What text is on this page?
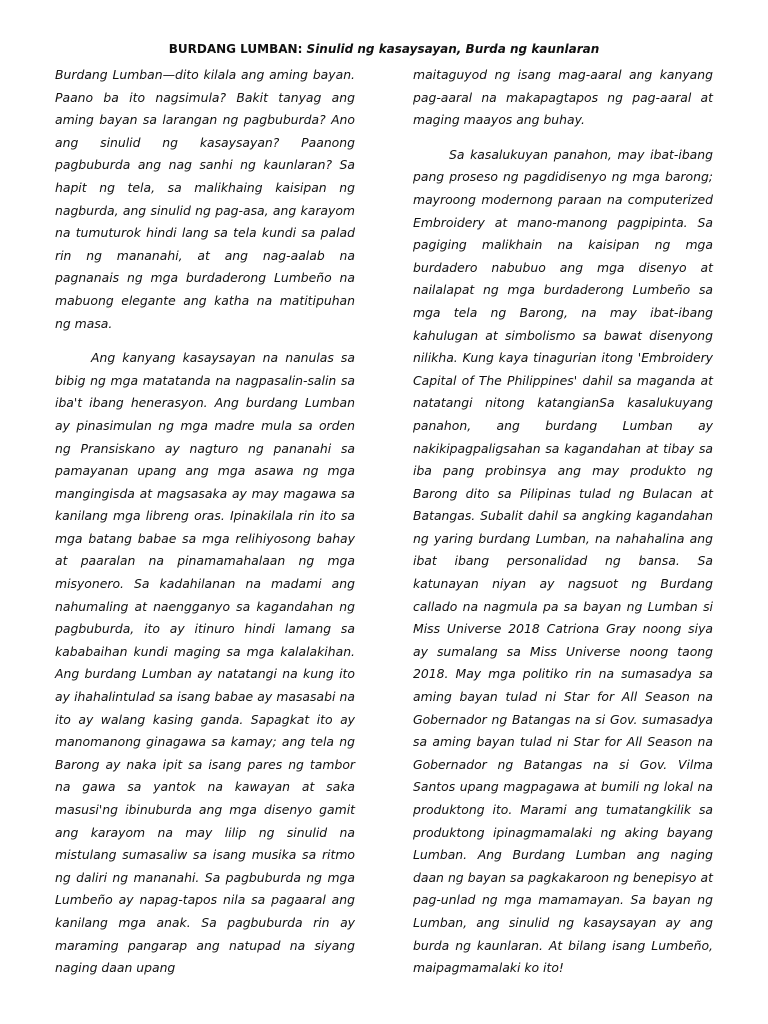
BURDANG LUMBAN: Sinulid ng kasaysayan, Burda ng kaunlaran

Burdang Lumban—dito kilala ang aming bayan. Paano ba ito nagsimula? Bakit tanyag ang aming bayan sa larangan ng pagbuburda? Ano ang sinulid ng kasaysayan? Paanong pagbuburda ang nag sanhi ng kaunlaran? Sa hapit ng tela, sa malikhaing kaisipan ng nagburda, ang sinulid ng pag-asa, ang karayom na tumuturok hindi lang sa tela kundi sa palad rin ng mananahi, at ang nag-aalab na pagnanais ng mga burdaderong Lumbeño na mabuong elegante ang katha na matitipuhan ng masa.

Ang kanyang kasaysayan na nanulas sa bibig ng mga matatanda na nagpasalin-salin sa iba't ibang henerasyon. Ang burdang Lumban ay pinasimulan ng mga madre mula sa orden ng Pransiskano ay nagturo ng pananahi sa pamayanan upang ang mga asawa ng mga mangingisda at magsasaka ay may magawa sa kanilang mga libreng oras. Ipinakilala rin ito sa mga batang babae sa mga relihiyosong bahay at paaralan na pinamamahalaan ng mga misyonero. Sa kadahilanan na madami ang nahumaling at naengganyo sa kagandahan ng pagbuburda, ito ay itinuro hindi lamang sa kababaihan kundi maging sa mga kalalakihan. Ang burdang Lumban ay natatangi na kung ito ay ihahalintulad sa isang babae ay masasabi na ito ay walang kasing ganda. Sapagkat ito ay manomanong ginagawa sa kamay; ang tela ng Barong ay naka ipit sa isang pares ng tambor na gawa sa yantok na kawayan at saka masusi'ng ibinuburda ang mga disenyo gamit ang karayom na may lilip ng sinulid na mistulang sumasaliw sa isang musika sa ritmo ng daliri ng mananahi. Sa pagbuburda ng mga Lumbeño ay napag-tapos nila sa pagaaral ang kanilang mga anak. Sa pagbuburda rin ay maraming pangarap ang natupad na siyang naging daan upang

maitaguyod ng isang mag-aaral ang kanyang pag-aaral na makapagtapos ng pag-aaral at maging maayos ang buhay.

Sa kasalukuyan panahon, may ibat-ibang pang proseso ng pagdidisenyo ng mga barong; mayroong modernong paraan na computerized Embroidery at mano-manong pagpipinta. Sa pagiging malikhain na kaisipan ng mga burdadero nabubuo ang mga disenyo at nailalapat ng mga burdaderong Lumbeño sa mga tela ng Barong, na may ibat-ibang kahulugan at simbolismo sa bawat disenyong nilikha. Kung kaya tinagurian itong 'Embroidery Capital of The Philippines' dahil sa maganda at natatangi nitong katangianSa kasalukuyang panahon, ang burdang Lumban ay nakikipagpaligsahan sa kagandahan at tibay sa iba pang probinsya ang may produkto ng Barong dito sa Pilipinas tulad ng Bulacan at Batangas. Subalit dahil sa angking kagandahan ng yaring burdang Lumban, na nahahalina ang ibat ibang personalidad ng bansa. Sa katunayan niyan ay nagsuot ng Burdang callado na nagmula pa sa bayan ng Lumban si Miss Universe 2018 Catriona Gray noong siya ay sumalang sa Miss Universe noong taong 2018. May mga politiko rin na sumasadya sa aming bayan tulad ni Star for All Season na Gobernador ng Batangas na si Gov. sumasadya sa aming bayan tulad ni Star for All Season na Gobernador ng Batangas na si Gov. Vilma Santos upang magpagawa at bumili ng lokal na produktong ito. Marami ang tumatangkilik sa produktong ipinagmamalaki ng aking bayang Lumban. Ang Burdang Lumban ang naging daan ng bayan sa pagkakaroon ng benepisyo at pag-unlad ng mga mamamayan. Sa bayan ng Lumban, ang sinulid ng kasaysayan ay ang burda ng kaunlaran. At bilang isang Lumbeño, maipagmamalaki ko ito!
